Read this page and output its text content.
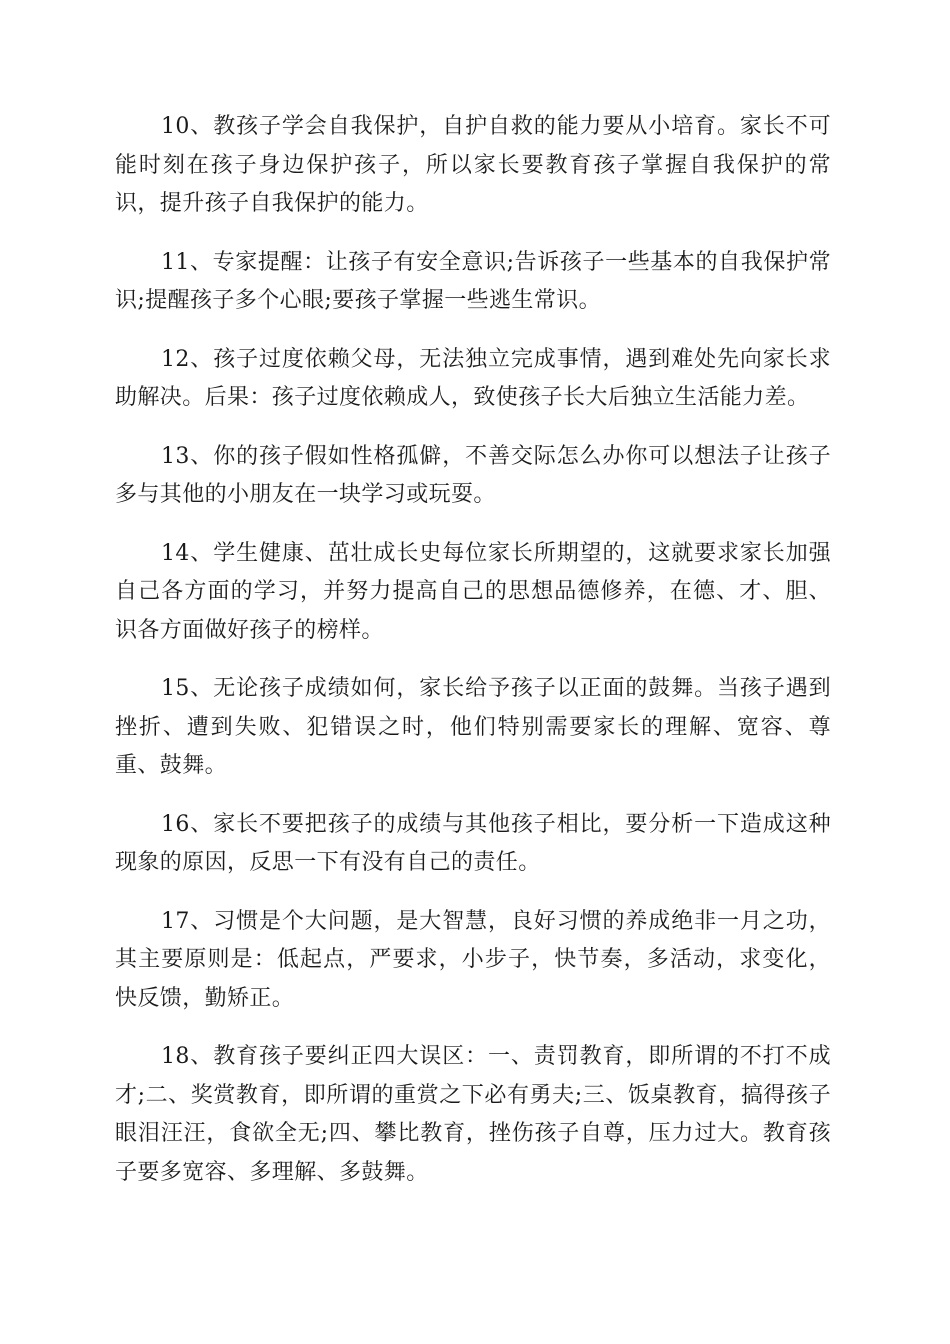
10、教孩子学会自我保护，自护自救的能力要从小培育。家长不可能时刻在孩子身边保护孩子，所以家长要教育孩子掌握自我保护的常识，提升孩子自我保护的能力。

11、专家提醒：让孩子有安全意识;告诉孩子一些基本的自我保护常识;提醒孩子多个心眼;要孩子掌握一些逃生常识。

12、孩子过度依赖父母，无法独立完成事情，遇到难处先向家长求助解决。后果：孩子过度依赖成人，致使孩子长大后独立生活能力差。

13、你的孩子假如性格孤僻，不善交际怎么办你可以想法子让孩子多与其他的小朋友在一块学习或玩耍。

14、学生健康、茁壮成长史每位家长所期望的，这就要求家长加强自己各方面的学习，并努力提高自己的思想品德修养，在德、才、胆、识各方面做好孩子的榜样。

15、无论孩子成绩如何，家长给予孩子以正面的鼓舞。当孩子遇到挫折、遭到失败、犯错误之时，他们特别需要家长的理解、宽容、尊重、鼓舞。

16、家长不要把孩子的成绩与其他孩子相比，要分析一下造成这种现象的原因，反思一下有没有自己的责任。

17、习惯是个大问题，是大智慧，良好习惯的养成绝非一月之功，其主要原则是：低起点，严要求，小步子，快节奏，多活动，求变化，快反馈，勤矫正。

18、教育孩子要纠正四大误区：一、责罚教育，即所谓的不打不成才;二、奖赏教育，即所谓的重赏之下必有勇夫;三、饭桌教育，搞得孩子眼泪汪汪，食欲全无;四、攀比教育，挫伤孩子自尊，压力过大。教育孩子要多宽容、多理解、多鼓舞。
